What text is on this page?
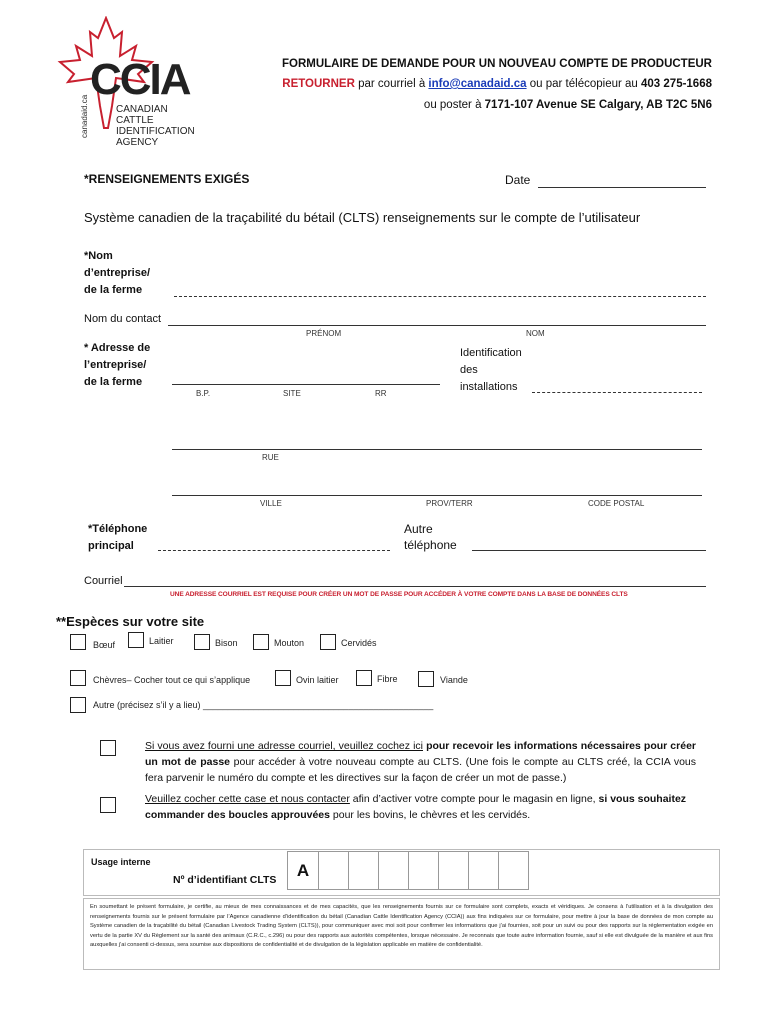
CCIA
canadaid.ca	CANADIAN
CATTLE
IDENTIFICATION
AGENCY
FORMULAIRE DE DEMANDE POUR UN NOUVEAU COMPTE DE PRODUCTEUR
RETOURNER par courriel à info@canadaid.ca ou par télécopieur au 403 275-1668
ou poster à 7171-107 Avenue SE Calgary, AB T2C 5N6
*RENSEIGNEMENTS EXIGÉS	Date
Système canadien de la traçabilité du bétail (CLTS) renseignements sur le compte de l’utilisateur
*Nom
d’entreprise/
de la ferme
Nom du contact
PRÉNOM	NOM
* Adresse de
l’entreprise/
de la ferme
B.P.	SITE	RR
Identification
des
installations
RUE
VILLE	PROV/TERR	CODE POSTAL
*Téléphone
principal
Autre
téléphone
Courriel
UNE ADRESSE COURRIEL EST REQUISE POUR CRÉER UN MOT DE PASSE POUR ACCÉDER À VOTRE COMPTE DANS LA BASE DE DONNÉES CLTS
**Espèces sur votre site
Bœuf	Laitier	Bison	Mouton	Cervidés
Chèvres– Cocher tout ce qui s’applique	Ovin laitier	Fibre	Viande
Autre (précisez s’il y a lieu) ______________________________________________
Si vous avez fourni une adresse courriel, veuillez cochez ici pour recevoir les informations nécessaires pour créer un mot de passe pour accéder à votre nouveau compte au CLTS. (Une fois le compte au CLTS créé, la CCIA vous fera parvenir le numéro du compte et les directives sur la façon de créer un mot de passe.)
Veuillez cocher cette case et nous contacter afin d’activer votre compte pour le magasin en ligne, si vous souhaitez commander des boucles approuvées pour les bovins, le chèvres et les cervidés.
Usage interne
Nº d’identifiant CLTS	A
En soumettant le présent formulaire, je certifie, au mieux de mes connaissances et de mes capacités, que les renseignements fournis sur ce formulaire sont complets, exacts et véridiques. Je consens à l’utilisation et à la divulgation des renseignements fournis sur le présent formulaire par l’Agence canadienne d’identification du bétail (Canadian Cattle Identification Agency (CCIA)) aux fins indiquées sur ce formulaire, pour mettre à jour la base de données de mon compte au Système canadien de la traçabilité du bétail (Canadian Livestock Trading System (CLTS)), pour communiquer avec moi soit pour confirmer les informations que j’ai fournies, soit pour un suivi ou pour des rapports sur la réglementation exigée en vertu de la partie XV du Règlement sur la santé des animaux (C.R.C., c.296) ou pour des rapports aux autorités compétentes, lorsque nécessaire. Je reconnais que toute autre information fournie, sauf si elle est divulguée de la manière et aux fins auxquelles j’ai consenti ci-dessus, sera soumise aux dispositions de confidentialité et de divulgation de la législation applicable en matière de confidentialité.
